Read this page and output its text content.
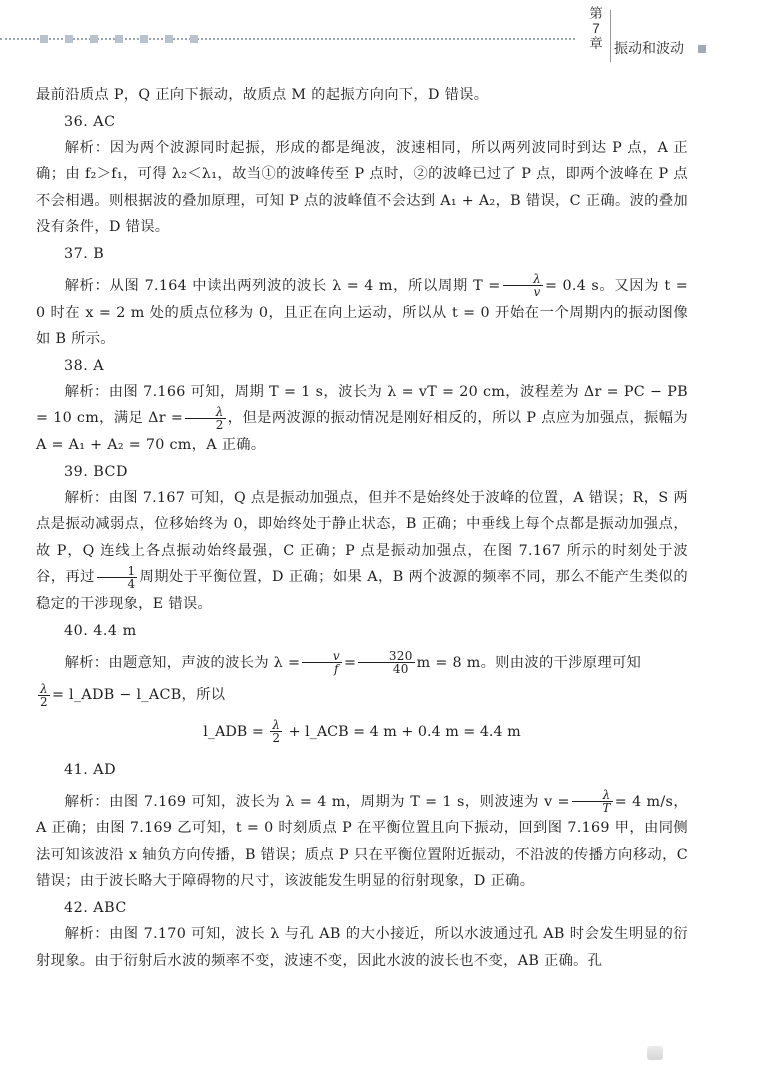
第
7
章 振动和波动

最前沿质点 P，Q 正向下振动，故质点 M 的起振方向向下，D 错误。

36. AC

解析：因为两个波源同时起振，形成的都是绳波，波速相同，所以两列波同时到达 P 点，A 正确；由 f₂＞f₁，可得 λ₂＜λ₁，故当①的波峰传至 P 点时，②的波峰已过了 P 点，即两个波峰在 P 点不会相遇。则根据波的叠加原理，可知 P 点的波峰值不会达到 A₁ + A₂，B 错误，C 正确。波的叠加没有条件，D 错误。

37. B

解析：从图 7.164 中读出两列波的波长 λ = 4 m，所以周期 $T = \frac{\lambda}{v} = 0.4$ s。又因为 t = 0 时在 x = 2 m 处的质点位移为 0，且正在向上运动，所以从 t = 0 开始在一个周期内的振动图像如 B 所示。

38. A

解析：由图 7.166 可知，周期 T = 1 s，波长为 λ = vT = 20 cm，波程差为 Δr = PC − PB = 10 cm，满足 $\Delta r = \frac{\lambda}{2}$ ，但是两波源的振动情况是刚好相反的，所以 P 点应为加强点，振幅为 A = A₁ + A₂ = 70 cm，A 正确。

39. BCD

解析：由图 7.167 可知，Q 点是振动加强点，但并不是始终处于波峰的位置，A 错误；R，S 两点是振动减弱点，位移始终为 0，即始终处于静止状态，B 正确；中垂线上每个点都是振动加强点，故 P，Q 连线上各点振动始终最强，C 正确；P 点是振动加强点，在图 7.167 所示的时刻处于波谷，再过 $\frac{1}{4}$ 周期处于平衡位置，D 正确；如果 A，B 两个波源的频率不同，那么不能产生类似的稳定的干涉现象，E 错误。

40. 4.4 m

解析：由题意知，声波的波长为 $\lambda = \frac{v}{f} = \frac{320}{40}$ m = 8 m。则由波的干涉原理可知

$\frac{\lambda}{2}$ = l_ADB − l_ACB，所以

l_ADB = $\frac{\lambda}{2}$ + l_ACB = 4 m + 0.4 m = 4.4 m

41. AD

解析：由图 7.169 可知，波长为 λ = 4 m，周期为 T = 1 s，则波速为 $v = \frac{\lambda}{T} = 4$ m/s，A 正确；由图 7.169 乙可知，t = 0 时刻质点 P 在平衡位置且向下振动，回到图 7.169 甲，由同侧法可知该波沿 x 轴负方向传播，B 错误；质点 P 只在平衡位置附近振动，不沿波的传播方向移动，C 错误；由于波长略大于障碍物的尺寸，该波能发生明显的衍射现象，D 正确。

42. ABC

解析：由图 7.170 可知，波长 λ 与孔 AB 的大小接近，所以水波通过孔 AB 时会发生明显的衍射现象。由于衍射后水波的频率不变，波速不变，因此水波的波长也不变，AB 正确。孔
